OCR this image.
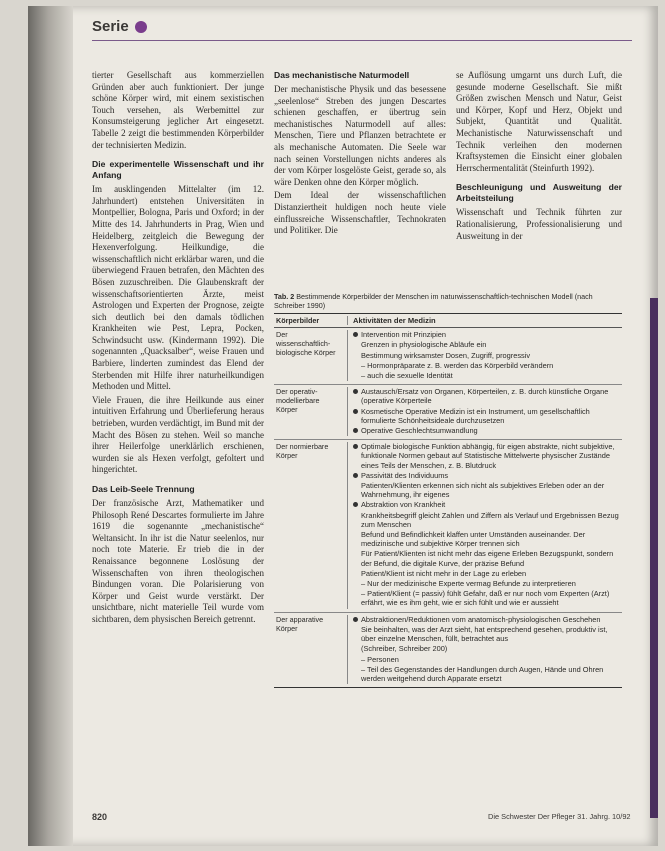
Serie

tierter Gesellschaft aus kommerziellen Gründen aber auch funktioniert. Der junge schöne Körper wird, mit einem sexistischen Touch versehen, als Werbemittel zur Konsumsteigerung jeglicher Art eingesetzt. Tabelle 2 zeigt die bestimmenden Körperbilder der technisierten Medizin.

Die experimentelle Wissenschaft und ihr Anfang

Im ausklingenden Mittelalter (im 12. Jahrhundert) entstehen Universitäten in Montpellier, Bologna, Paris und Oxford; in der Mitte des 14. Jahrhunderts in Prag, Wien und Heidelberg, zeitgleich die Bewegung der Hexenverfolgung. Heilkundige, die wissenschaftlich nicht erklärbar waren, und die überwiegend Frauen betrafen, den Mächten des Bösen zuzuschreiben. Die Glaubenskraft der wissenschaftsorientierten Ärzte, meist Astrologen und Experten der Prognose, zeigte sich deutlich bei den damals tödlichen Krankheiten wie Pest, Lepra, Pocken, Schwindsucht usw. (Kindermann 1992). Die sogenannten „Quacksalber“, weise Frauen und Barbiere, linderten zumindest das Elend der Sterbenden mit Hilfe ihrer naturheilkundigen Methoden und Mittel.

Viele Frauen, die ihre Heilkunde aus einer intuitiven Erfahrung und Überlieferung heraus betrieben, wurden verdächtigt, im Bund mit der Macht des Bösen zu stehen. Weil so manche ihrer Heilerfolge unerklärlich erschienen, wurden sie als Hexen verfolgt, gefoltert und hingerichtet.

Das Leib-Seele Trennung

Der französische Arzt, Mathematiker und Philosoph René Descartes formulierte im Jahre 1619 die sogenannte „mechanistische“ Weltansicht. In ihr ist die Natur seelenlos, nur noch tote Materie. Er trieb die in der Renaissance begonnene Loslösung der Wissenschaften von ihren theologischen Bindungen voran. Die Polarisierung von Körper und Geist wurde verstärkt. Der unsichtbare, nicht materielle Teil wurde vom sichtbaren, dem physischen Bereich getrennt.

Das mechanistische Naturmodell

Der mechanistische Physik und das besessene „seelenlose“ Streben des jungen Descartes schienen geschaffen, er übertrug sein mechanistisches Naturmodell auf alles: Menschen, Tiere und Pflanzen betrachtete er als mechanische Automaten. Die Seele war nach seinen Vorstellungen nichts anderes als der vom Körper losgelöste Geist, gerade so, als wäre Denken ohne den Körper möglich.

Dem Ideal der wissenschaftlichen Distanziertheit huldigen noch heute viele einflussreiche Wissenschaftler, Technokraten und Politiker. Die

se Auflösung umgarnt uns durch Luft, die gesunde moderne Gesellschaft. Sie mißt Größen zwischen Mensch und Natur, Geist und Körper, Kopf und Herz, Objekt und Subjekt, Quantität und Qualität. Mechanistische Naturwissenschaft und Technik verleihen den modernen Kraftsystemen die Einsicht einer globalen Herrschermentalität (Steinfurth 1992).

Beschleunigung und Ausweitung der Arbeitsteilung

Wissenschaft und Technik führten zur Rationalisierung, Professionalisierung und Ausweitung in der

Tab. 2 Bestimmende Körperbilder der Menschen im naturwissenschaftlich-technischen Modell (nach Schreiber 1990)
Körperbilder	Aktivitäten der Medizin
Der wissenschaftlich-biologische Körper
Intervention mit Prinzipien
Grenzen in physiologische Abläufe ein
Bestimmung wirksamster Dosen, Zugriff, progressiv
– Hormonpräparate z. B. werden das Körperbild verändern
– auch die sexuelle Identität
Der operativ-modellierbare Körper
Austausch/Ersatz von Organen, Körperteilen, z. B. durch künstliche Organe (operative Körperteile
Kosmetische Operative Medizin ist ein Instrument, um gesellschaftlich formulierte Schönheitsideale durchzusetzen
Operative Geschlechtsumwandlung
Der normierbare Körper
Optimale biologische Funktion abhängig, für eigen abstrakte, nicht subjektive, funktionale Normen gebaut auf Statistische Mittelwerte physischer Zustände eines Teils der Menschen, z. B. Blutdruck
Passivität des Individuums
Patienten/Klienten erkennen sich nicht als subjektives Erleben oder an der Wahrnehmung, ihr eigenes
Abstraktion von Krankheit
Krankheitsbegriff gleicht Zahlen und Ziffern als Verlauf und Ergebnissen Bezug zum Menschen
Befund und Befindlichkeit klaffen unter Umständen auseinander. Der medizinische und subjektive Körper trennen sich
Für Patient/Klienten ist nicht mehr das eigene Erleben Bezugspunkt, sondern der Befund, die digitale Kurve, der präzise Befund
Patient/Klient ist nicht mehr in der Lage zu erleben
– Nur der medizinische Experte vermag Befunde zu interpretieren
– Patient/Klient (= passiv) fühlt Gefahr, daß er nur noch vom Experten (Arzt) erfährt, wie es ihm geht, wie er sich fühlt und wie er aussieht
Der apparative Körper
Abstraktionen/Reduktionen vom anatomisch-physiologischen Geschehen
Sie beinhalten, was der Arzt sieht, hat entsprechend gesehen, produktiv ist, über einzelne Menschen, füllt, betrachtet aus
(Schreiber, Schreiber 200)
– Personen
– Teil des Gegenstandes der Handlungen durch Augen, Hände und Ohren werden weitgehend durch Apparate ersetzt
820	Die Schwester Der Pfleger 31. Jahrg. 10/92
